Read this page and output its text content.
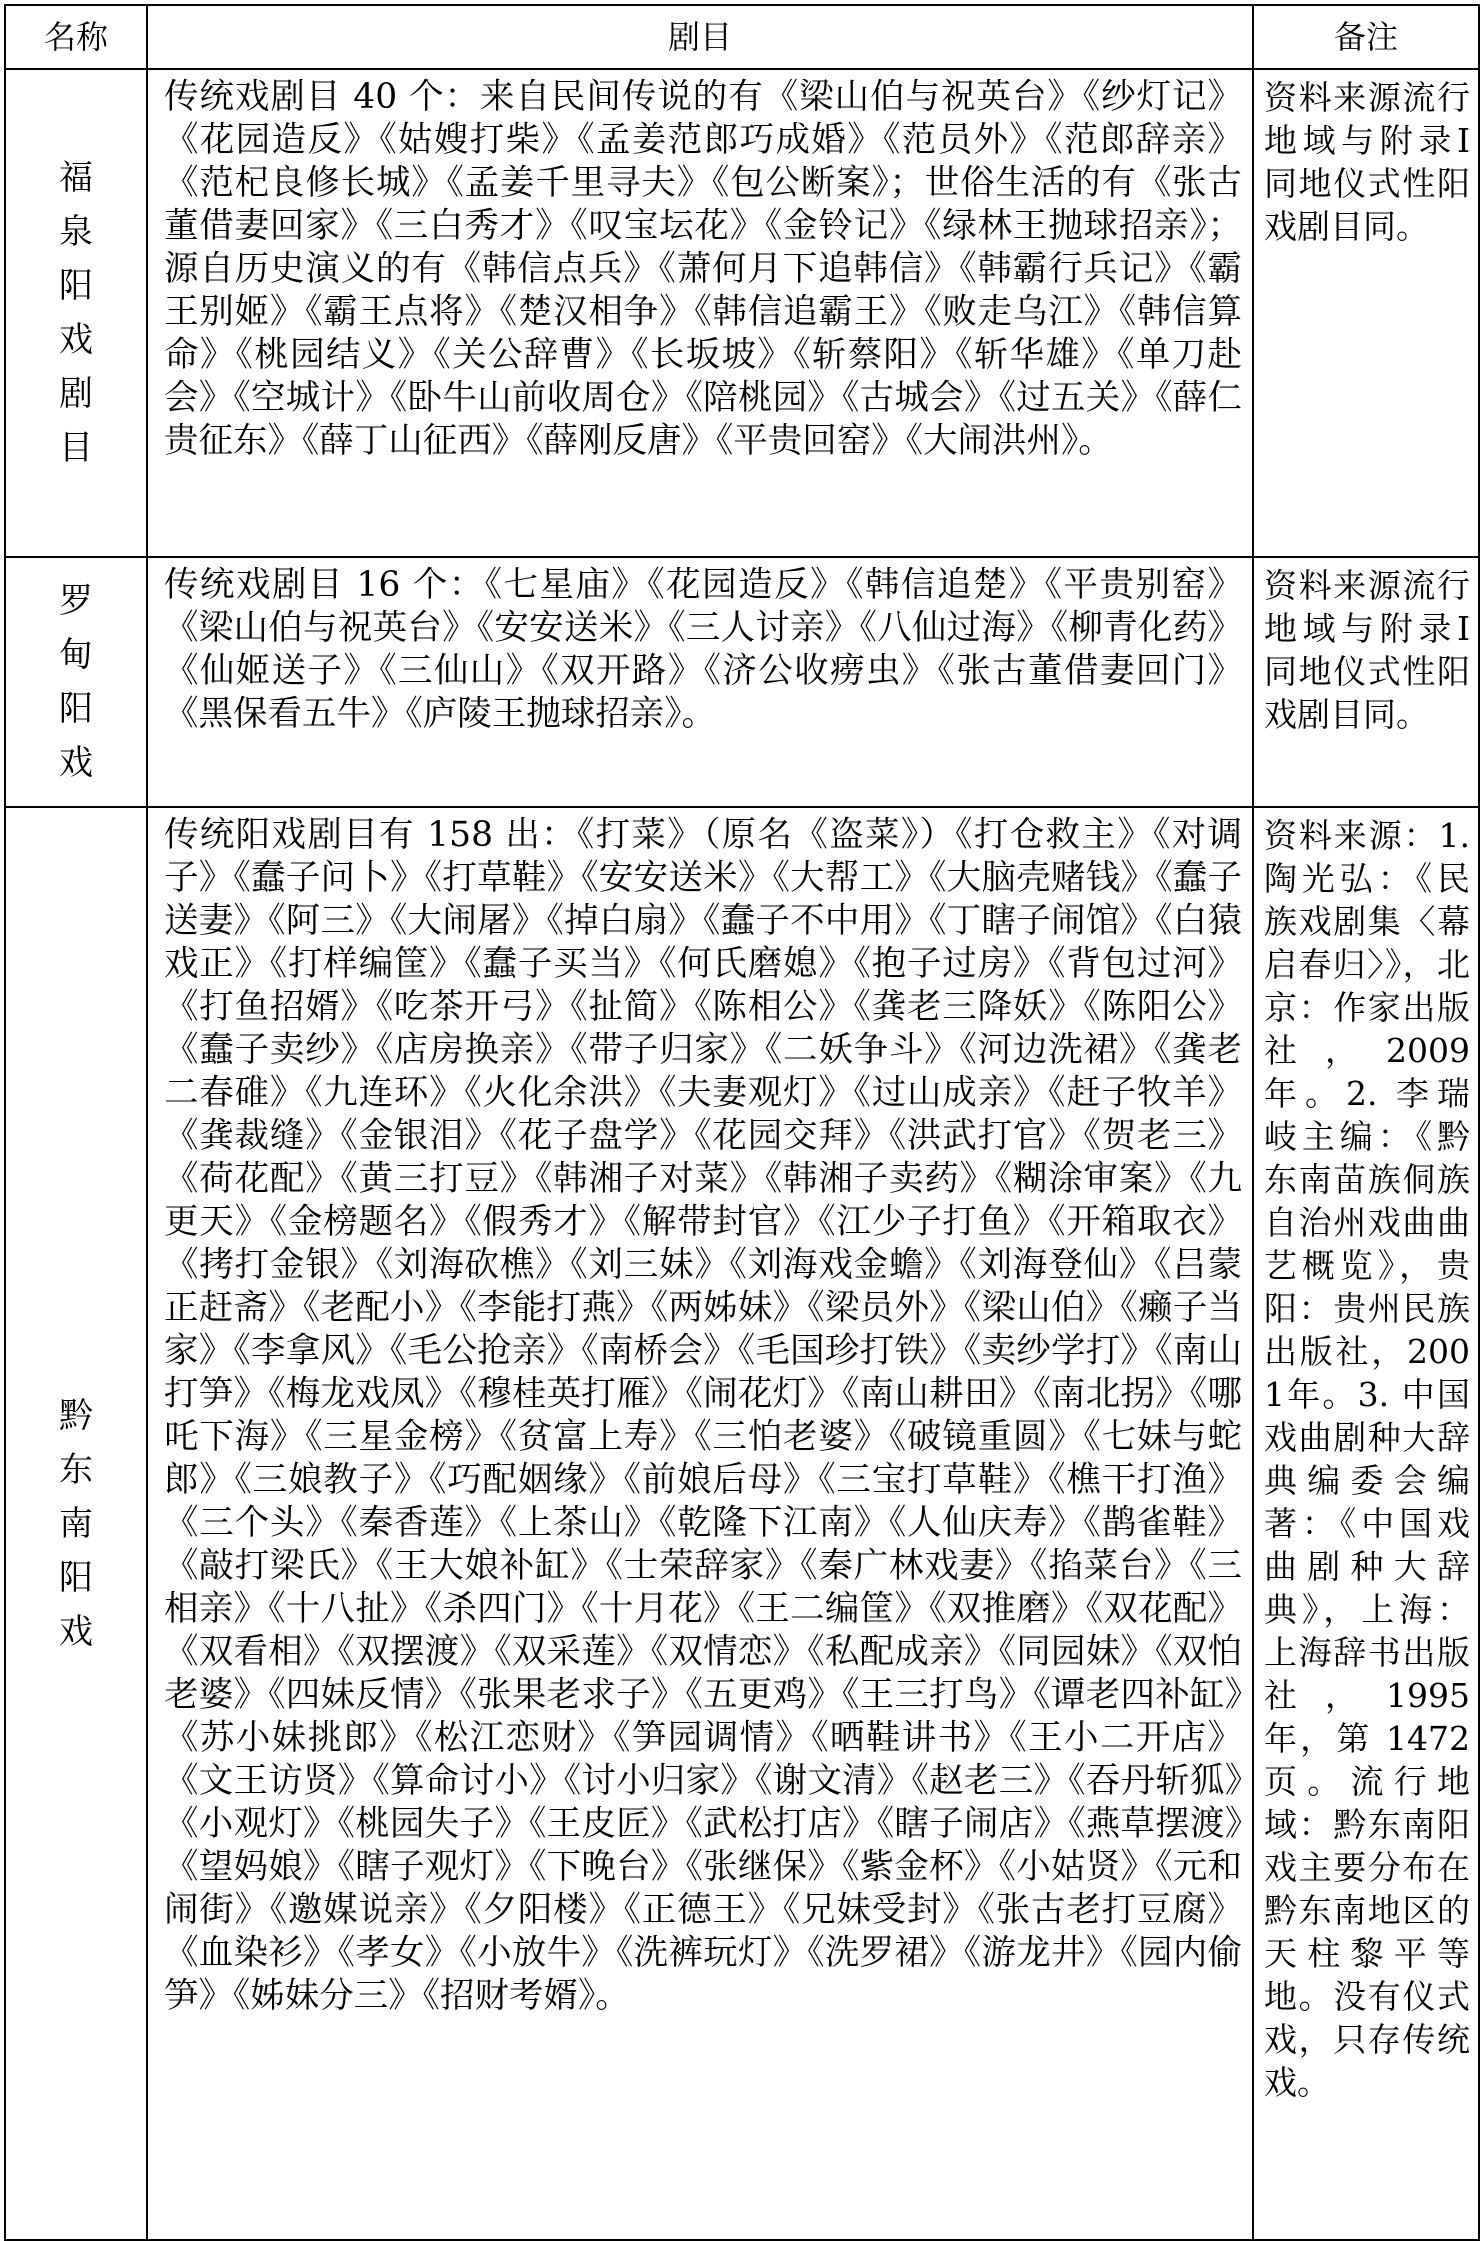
名称	剧目	备注
福泉阳戏剧目	传统戏剧目 40 个：来自民间传说的有《梁山伯与祝英台》《纱灯记》《花园造反》《姑嫂打柴》《孟姜范郎巧成婚》《范员外》《范郎辞亲》《范杞良修长城》《孟姜千里寻夫》《包公断案》；世俗生活的有《张古董借妻回家》《三白秀才》《叹宝坛花》《金铃记》《绿林王抛球招亲》；源自历史演义的有《韩信点兵》《萧何月下追韩信》《韩霸行兵记》《霸王别姬》《霸王点将》《楚汉相争》《韩信追霸王》《败走乌江》《韩信算命》《桃园结义》《关公辞曹》《长坂坡》《斩蔡阳》《斩华雄》《单刀赴会》《空城计》《卧牛山前收周仓》《陪桃园》《古城会》《过五关》《薛仁贵征东》《薛丁山征西》《薛刚反唐》《平贵回窑》《大闹洪州》。	资料来源流行地域与附录Ⅰ同地仪式性阳戏剧目同。

罗甸阳戏	传统戏剧目 16 个：《七星庙》《花园造反》《韩信追楚》《平贵别窑》《梁山伯与祝英台》《安安送米》《三人讨亲》《八仙过海》《柳青化药》《仙姬送子》《三仙山》《双开路》《济公收痨虫》《张古董借妻回门》《黑保看五牛》《庐陵王抛球招亲》。	资料来源流行地域与附录Ⅰ同地仪式性阳戏剧目同。

黔东南阳戏	传统阳戏剧目有 158 出：《打菜》（原名《盗菜》）《打仓救主》《对调子》《蠢子问卜》《打草鞋》《安安送米》《大帮工》《大脑壳赌钱》《蠢子送妻》《阿三》《大闹屠》《掉白扇》《蠢子不中用》《丁瞎子闹馆》《白猿戏正》《打样编筐》《蠢子买当》《何氏磨媳》《抱子过房》《背包过河》《打鱼招婿》《吃茶开弓》《扯简》《陈相公》《龚老三降妖》《陈阳公》《蠢子卖纱》《店房换亲》《带子归家》《二妖争斗》《河边洗裙》《龚老二春碓》《九连环》《火化余洪》《夫妻观灯》《过山成亲》《赶子牧羊》《龚裁缝》《金银泪》《花子盘学》《花园交拜》《洪武打官》《贺老三》《荷花配》《黄三打豆》《韩湘子对菜》《韩湘子卖药》《糊涂审案》《九更天》《金榜题名》《假秀才》《解带封官》《江少子打鱼》《开箱取衣》《拷打金银》《刘海砍樵》《刘三妹》《刘海戏金蟾》《刘海登仙》《吕蒙正赶斋》《老配小》《李能打燕》《两姊妹》《梁员外》《梁山伯》《癞子当家》《李拿风》《毛公抢亲》《南桥会》《毛国珍打铁》《卖纱学打》《南山打笋》《梅龙戏凤》《穆桂英打雁》《闹花灯》《南山耕田》《南北拐》《哪吒下海》《三星金榜》《贫富上寿》《三怕老婆》《破镜重圆》《七妹与蛇郎》《三娘教子》《巧配姻缘》《前娘后母》《三宝打草鞋》《樵干打渔》《三个头》《秦香莲》《上茶山》《乾隆下江南》《人仙庆寿》《鹊雀鞋》《敲打梁氏》《王大娘补缸》《士荣辞家》《秦广林戏妻》《掐菜台》《三相亲》《十八扯》《杀四门》《十月花》《王二编筐》《双推磨》《双花配》《双看相》《双摆渡》《双采莲》《双情恋》《私配成亲》《同园妹》《双怕老婆》《四妹反情》《张果老求子》《五更鸡》《王三打鸟》《谭老四补缸》《苏小妹挑郎》《松江恋财》《笋园调情》《晒鞋讲书》《王小二开店》《文王访贤》《算命讨小》《讨小归家》《谢文清》《赵老三》《吞丹斩狐》《小观灯》《桃园失子》《王皮匠》《武松打店》《瞎子闹店》《燕草摆渡》《望妈娘》《瞎子观灯》《下晚台》《张继保》《紫金杯》《小姑贤》《元和闹街》《邀媒说亲》《夕阳楼》《正德王》《兄妹受封》《张古老打豆腐》《血染衫》《孝女》《小放牛》《洗裤玩灯》《洗罗裙》《游龙井》《园内偷笋》《姊妹分三》《招财考婿》。	资料来源：1. 陶光弘：《民族戏剧集〈幕启春归〉》，北京：作家出版社，2009年。2. 李瑞岐主编：《黔东南苗族侗族自治州戏曲曲艺概览》，贵阳：贵州民族出版社，2001年。3. 中国戏曲剧种大辞典编委会编著：《中国戏曲剧种大辞典》，上海：上海辞书出版社，1995 年，第 1472 页。流行地域：黔东南阳戏主要分布在黔东南地区的天柱黎平等地。没有仪式戏，只存传统戏。
